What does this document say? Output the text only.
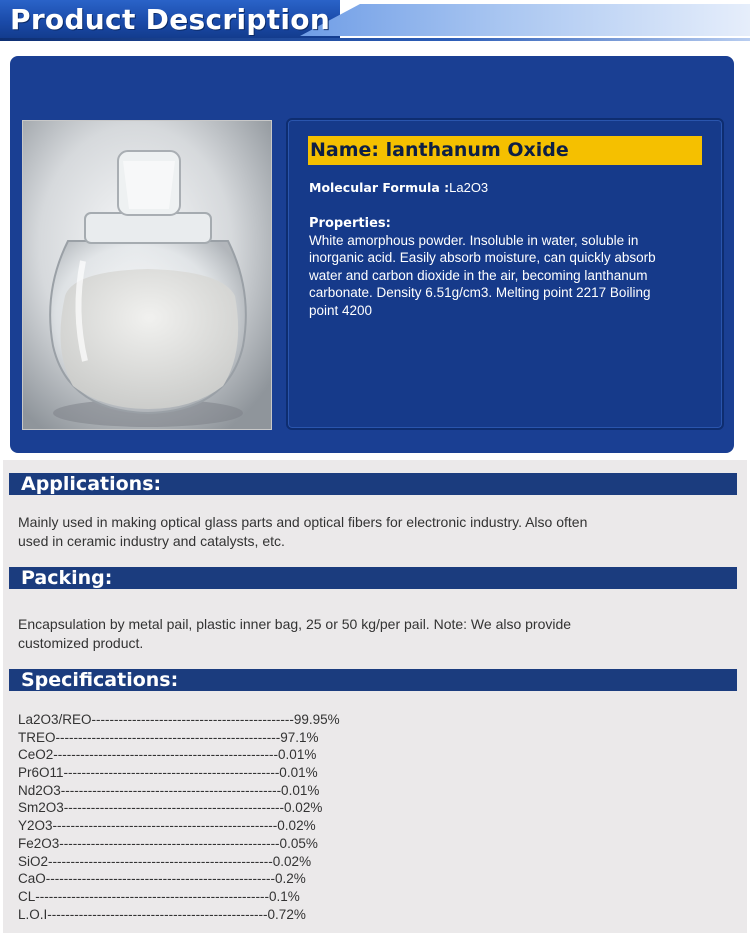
Product Description
Name: lanthanum Oxide
Molecular Formula :La2O3
Properties:
White amorphous powder. Insoluble in water, soluble in inorganic acid. Easily absorb moisture, can quickly absorb water and carbon dioxide in the air, becoming lanthanum carbonate. Density 6.51g/cm3. Melting point 2217 Boiling point 4200
Applications:
Mainly used in making optical glass parts and optical fibers for electronic industry. Also often used in ceramic industry and catalysts, etc.
Packing:
Encapsulation by metal pail, plastic inner bag, 25 or 50 kg/per pail. Note: We also provide customized product.
Specifications:
La2O3/REO---------------------------------------------99.95%
TREO--------------------------------------------------97.1%
CeO2--------------------------------------------------0.01%
Pr6O11------------------------------------------------0.01%
Nd2O3-------------------------------------------------0.01%
Sm2O3-------------------------------------------------0.02%
Y2O3--------------------------------------------------0.02%
Fe2O3-------------------------------------------------0.05%
SiO2--------------------------------------------------0.02%
CaO---------------------------------------------------0.2%
CL----------------------------------------------------0.1%
L.O.I-------------------------------------------------0.72%
